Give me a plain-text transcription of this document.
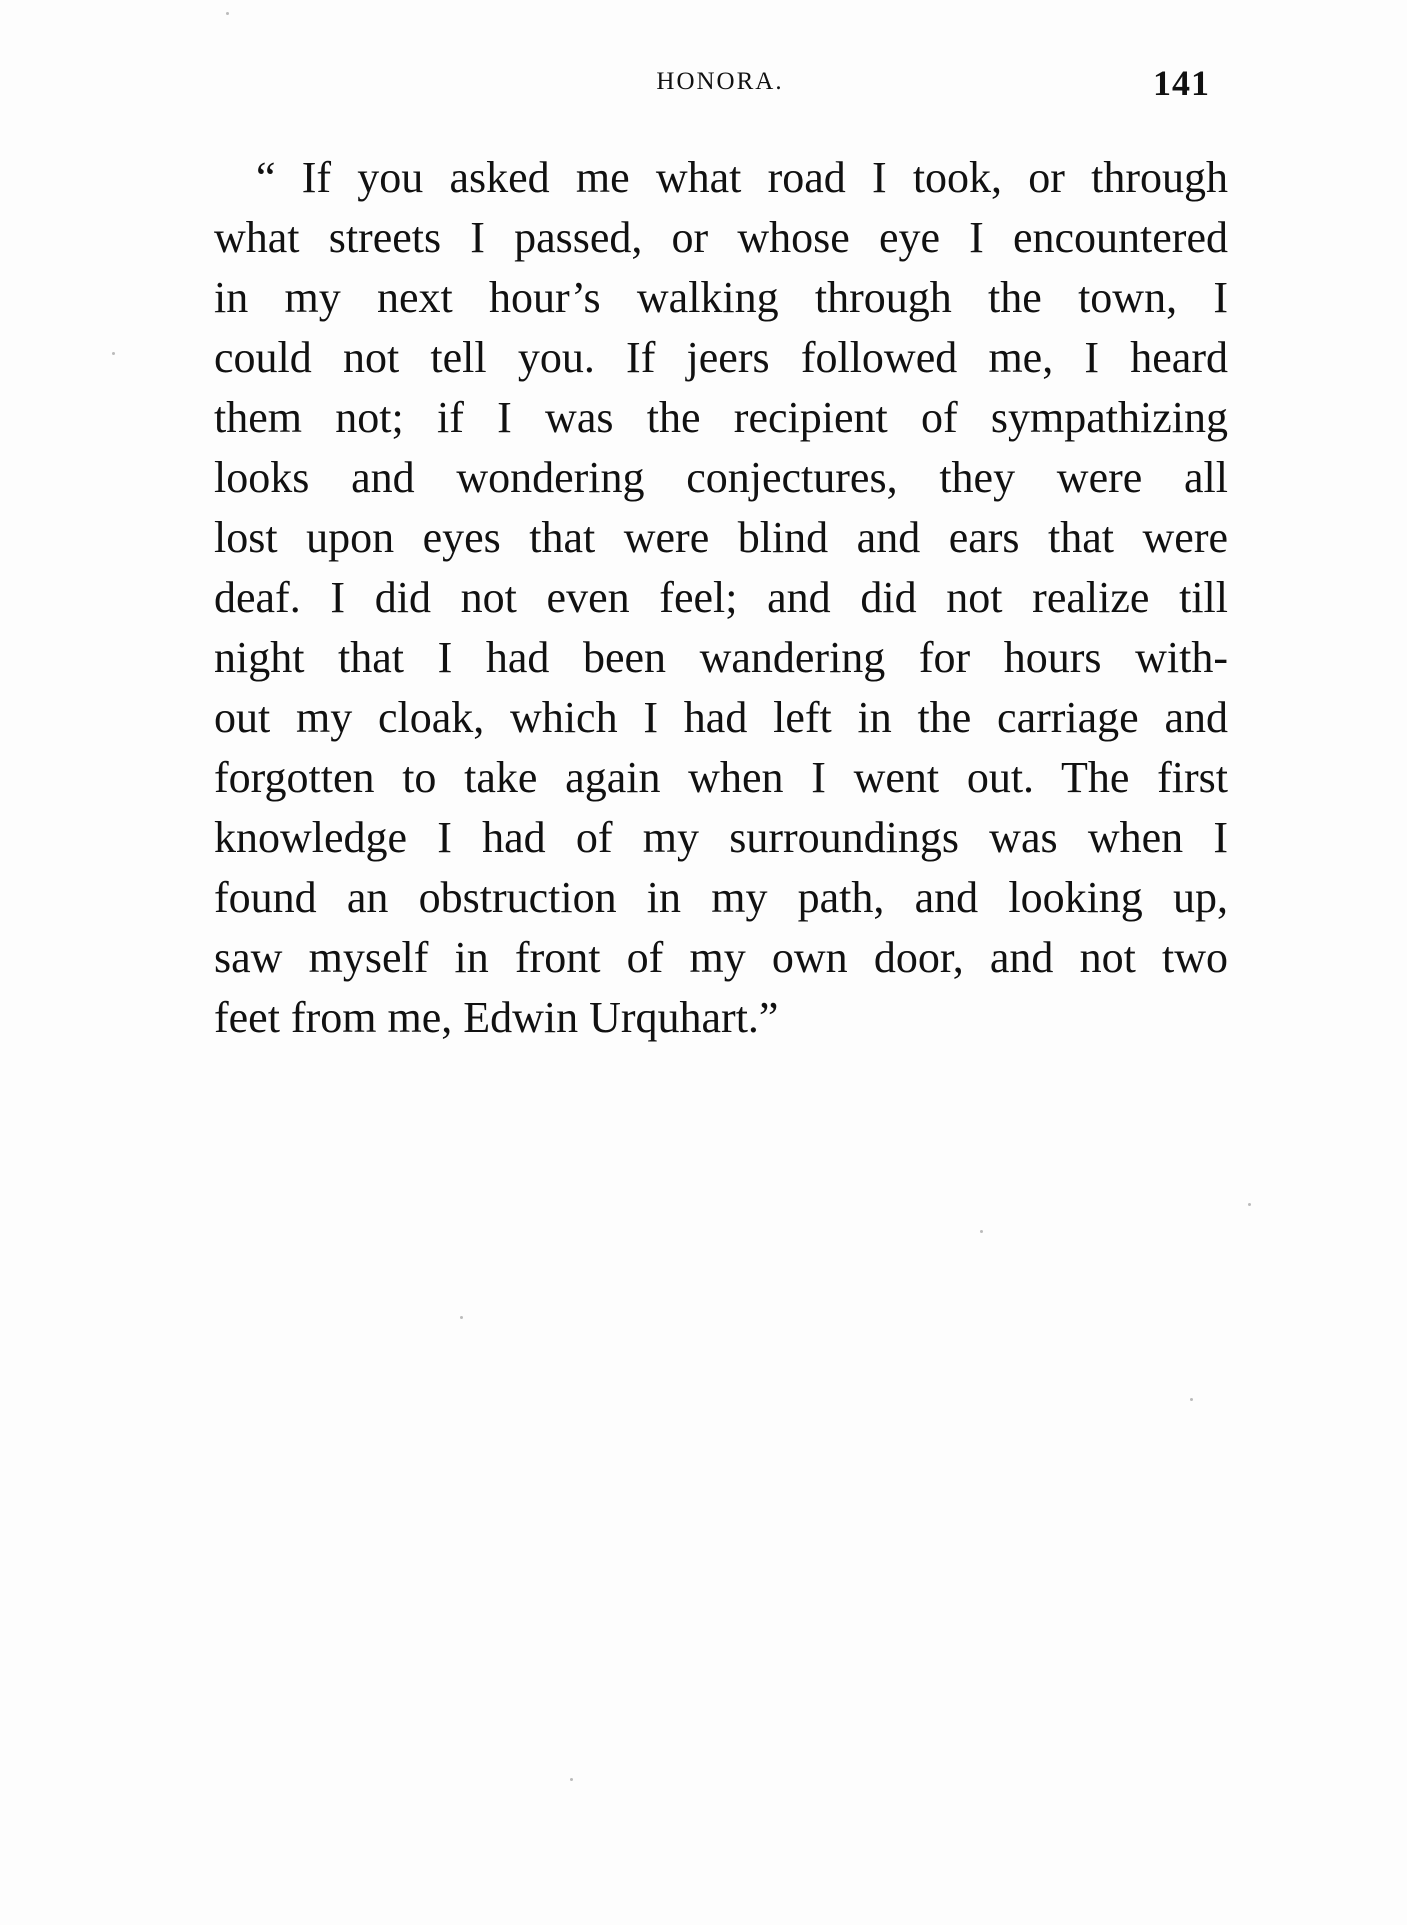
HONORA.	141
“ If you asked me what road I took, or through
what streets I passed, or whose eye I encountered
in my next hour’s walking through the town, I
could not tell you. If jeers followed me, I heard
them not; if I was the recipient of sympathizing
looks and wondering conjectures, they were all
lost upon eyes that were blind and ears that were
deaf. I did not even feel; and did not realize till
night that I had been wandering for hours with-
out my cloak, which I had left in the carriage and
forgotten to take again when I went out. The first
knowledge I had of my surroundings was when I
found an obstruction in my path, and looking up,
saw myself in front of my own door, and not two
feet from me, Edwin Urquhart.”
